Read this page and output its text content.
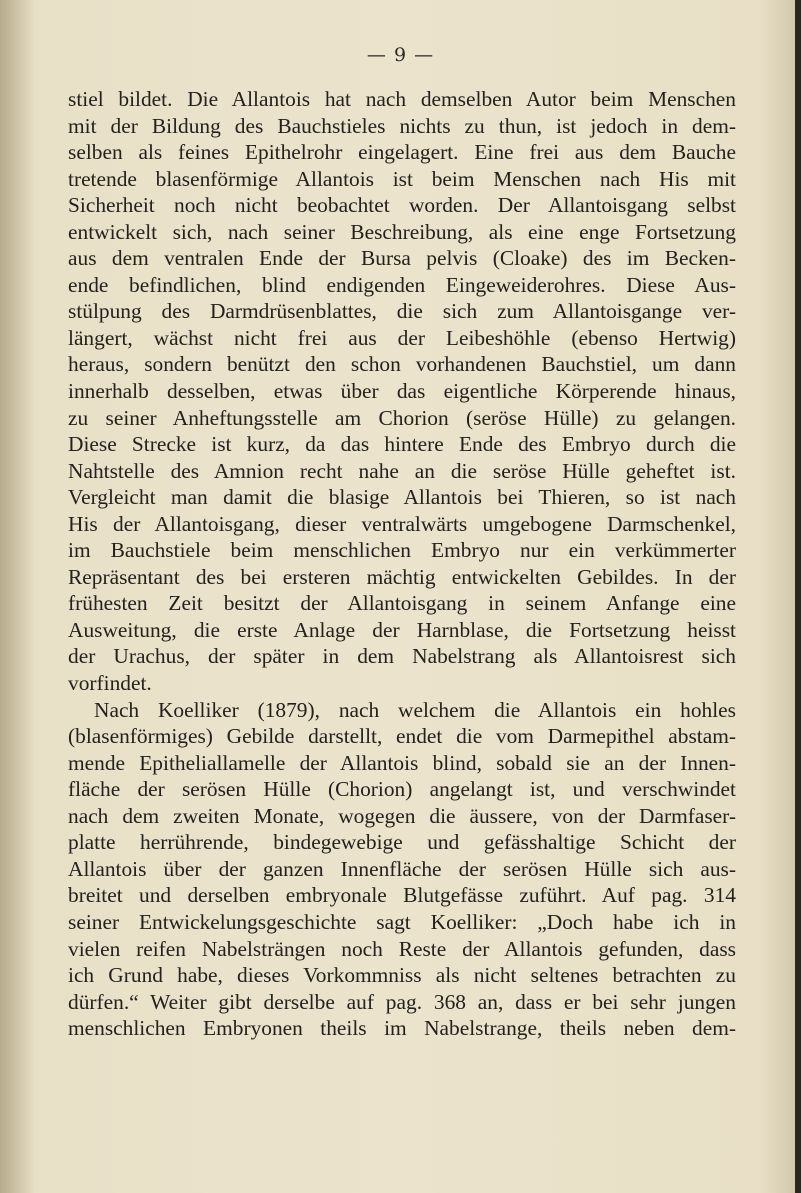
— 9 —
stiel bildet. Die Allantois hat nach demselben Autor beim Menschen
mit der Bildung des Bauchstieles nichts zu thun, ist jedoch in dem-
selben als feines Epithelrohr eingelagert. Eine frei aus dem Bauche
tretende blasenförmige Allantois ist beim Menschen nach His mit
Sicherheit noch nicht beobachtet worden. Der Allantoisgang selbst
entwickelt sich, nach seiner Beschreibung, als eine enge Fortsetzung
aus dem ventralen Ende der Bursa pelvis (Cloake) des im Becken-
ende befindlichen, blind endigenden Eingeweiderohres. Diese Aus-
stülpung des Darmdrüsenblattes, die sich zum Allantoisgange ver-
längert, wächst nicht frei aus der Leibeshöhle (ebenso Hertwig)
heraus, sondern benützt den schon vorhandenen Bauchstiel, um dann
innerhalb desselben, etwas über das eigentliche Körperende hinaus,
zu seiner Anheftungsstelle am Chorion (seröse Hülle) zu gelangen.
Diese Strecke ist kurz, da das hintere Ende des Embryo durch die
Nahtstelle des Amnion recht nahe an die seröse Hülle geheftet ist.
Vergleicht man damit die blasige Allantois bei Thieren, so ist nach
His der Allantoisgang, dieser ventralwärts umgebogene Darmschenkel,
im Bauchstiele beim menschlichen Embryo nur ein verkümmerter
Repräsentant des bei ersteren mächtig entwickelten Gebildes. In der
frühesten Zeit besitzt der Allantoisgang in seinem Anfange eine
Ausweitung, die erste Anlage der Harnblase, die Fortsetzung heisst
der Urachus, der später in dem Nabelstrang als Allantoisrest sich
vorfindet.
Nach Koelliker (1879), nach welchem die Allantois ein hohles
(blasenförmiges) Gebilde darstellt, endet die vom Darmepithel abstam-
mende Epitheliallamelle der Allantois blind, sobald sie an der Innen-
fläche der serösen Hülle (Chorion) angelangt ist, und verschwindet
nach dem zweiten Monate, wogegen die äussere, von der Darmfaser-
platte herrührende, bindegewebige und gefässhaltige Schicht der
Allantois über der ganzen Innenfläche der serösen Hülle sich aus-
breitet und derselben embryonale Blutgefässe zuführt. Auf pag. 314
seiner Entwickelungsgeschichte sagt Koelliker: „Doch habe ich in
vielen reifen Nabelsträngen noch Reste der Allantois gefunden, dass
ich Grund habe, dieses Vorkommniss als nicht seltenes betrachten zu
dürfen.“ Weiter gibt derselbe auf pag. 368 an, dass er bei sehr jungen
menschlichen Embryonen theils im Nabelstrange, theils neben dem-
